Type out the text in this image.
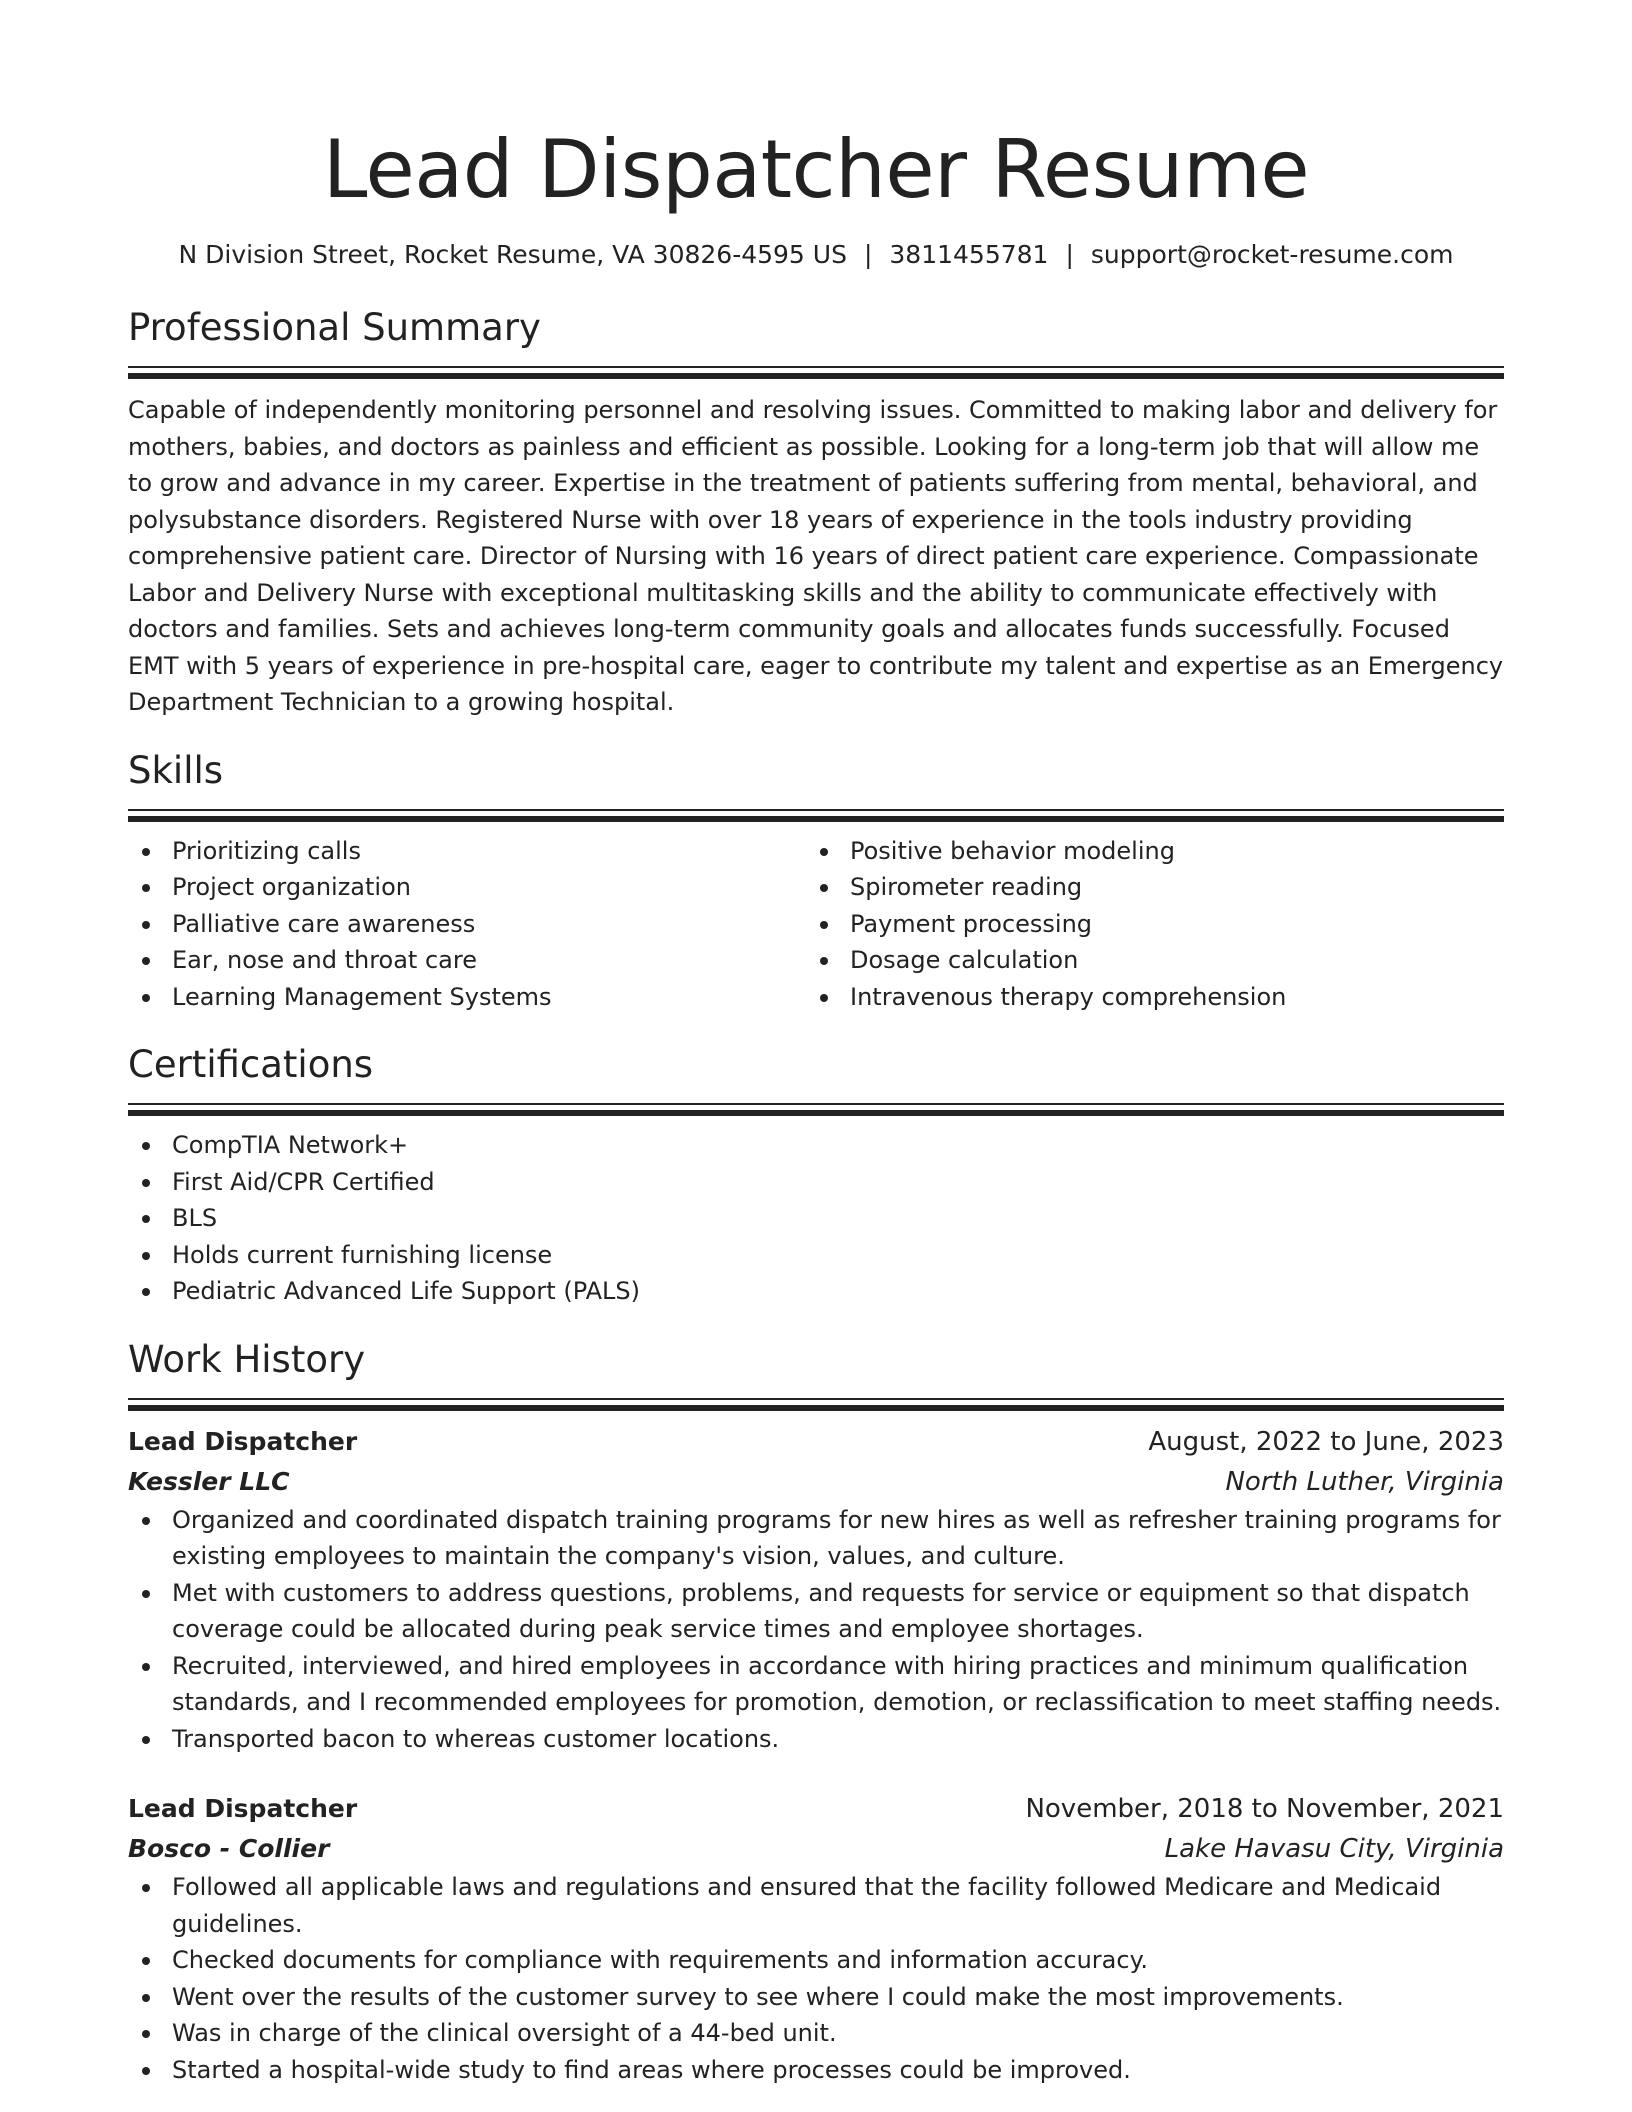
Lead Dispatcher Resume
N Division Street, Rocket Resume, VA 30826-4595 US | 3811455781 | support@rocket-resume.com
Professional Summary

Capable of independently monitoring personnel and resolving issues. Committed to making labor and delivery for mothers, babies, and doctors as painless and efficient as possible. Looking for a long-term job that will allow me to grow and advance in my career. Expertise in the treatment of patients suffering from mental, behavioral, and polysubstance disorders. Registered Nurse with over 18 years of experience in the tools industry providing comprehensive patient care. Director of Nursing with 16 years of direct patient care experience. Compassionate Labor and Delivery Nurse with exceptional multitasking skills and the ability to communicate effectively with doctors and families. Sets and achieves long-term community goals and allocates funds successfully. Focused EMT with 5 years of experience in pre-hospital care, eager to contribute my talent and expertise as an Emergency Department Technician to a growing hospital.

Skills
Prioritizing calls
Project organization
Palliative care awareness
Ear, nose and throat care
Learning Management Systems
Positive behavior modeling
Spirometer reading
Payment processing
Dosage calculation
Intravenous therapy comprehension
Certifications
CompTIA Network+
First Aid/CPR Certified
BLS
Holds current furnishing license
Pediatric Advanced Life Support (PALS)
Work History
Lead Dispatcher	August, 2022 to June, 2023
Kessler LLC	North Luther, Virginia
Organized and coordinated dispatch training programs for new hires as well as refresher training programs for existing employees to maintain the company's vision, values, and culture.
Met with customers to address questions, problems, and requests for service or equipment so that dispatch coverage could be allocated during peak service times and employee shortages.
Recruited, interviewed, and hired employees in accordance with hiring practices and minimum qualification standards, and I recommended employees for promotion, demotion, or reclassification to meet staffing needs.
Transported bacon to whereas customer locations.
Lead Dispatcher	November, 2018 to November, 2021
Bosco - Collier	Lake Havasu City, Virginia
Followed all applicable laws and regulations and ensured that the facility followed Medicare and Medicaid guidelines.
Checked documents for compliance with requirements and information accuracy.
Went over the results of the customer survey to see where I could make the most improvements.
Was in charge of the clinical oversight of a 44-bed unit.
Started a hospital-wide study to find areas where processes could be improved.
